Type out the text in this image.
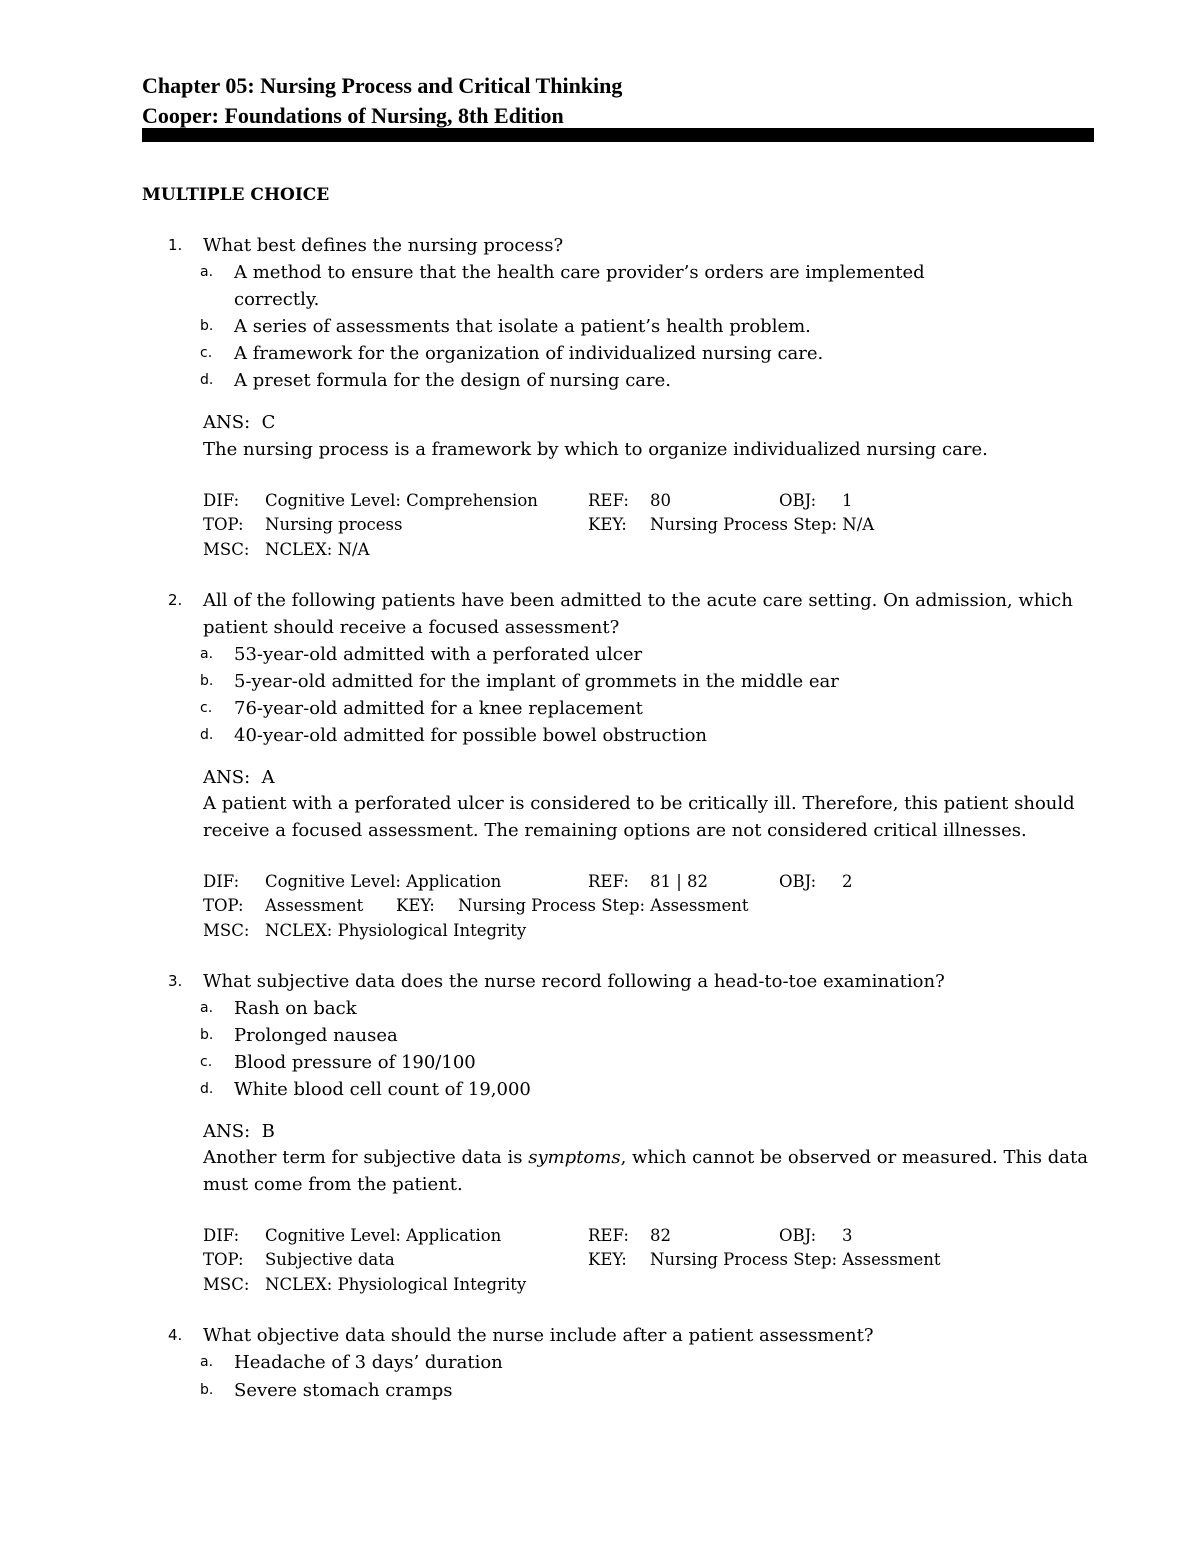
Chapter 05: Nursing Process and Critical Thinking
Cooper: Foundations of Nursing, 8th Edition
MULTIPLE CHOICE
1. What best defines the nursing process?
a. A method to ensure that the health care provider’s orders are implemented correctly.
b. A series of assessments that isolate a patient’s health problem.
c. A framework for the organization of individualized nursing care.
d. A preset formula for the design of nursing care.
ANS: C
The nursing process is a framework by which to organize individualized nursing care.
DIF: Cognitive Level: Comprehension	REF: 80	OBJ: 1
TOP: Nursing process	KEY: Nursing Process Step: N/A
MSC: NCLEX: N/A
2. All of the following patients have been admitted to the acute care setting. On admission, which patient should receive a focused assessment?
a. 53-year-old admitted with a perforated ulcer
b. 5-year-old admitted for the implant of grommets in the middle ear
c. 76-year-old admitted for a knee replacement
d. 40-year-old admitted for possible bowel obstruction
ANS: A
A patient with a perforated ulcer is considered to be critically ill. Therefore, this patient should receive a focused assessment. The remaining options are not considered critical illnesses.
DIF: Cognitive Level: Application	REF: 81 | 82	OBJ: 2
TOP: Assessment KEY: Nursing Process Step: Assessment
MSC: NCLEX: Physiological Integrity
3. What subjective data does the nurse record following a head-to-toe examination?
a. Rash on back
b. Prolonged nausea
c. Blood pressure of 190/100
d. White blood cell count of 19,000
ANS: B
Another term for subjective data is symptoms, which cannot be observed or measured. This data must come from the patient.
DIF: Cognitive Level: Application	REF: 82	OBJ: 3
TOP: Subjective data	KEY: Nursing Process Step: Assessment
MSC: NCLEX: Physiological Integrity
4. What objective data should the nurse include after a patient assessment?
a. Headache of 3 days’ duration
b. Severe stomach cramps
